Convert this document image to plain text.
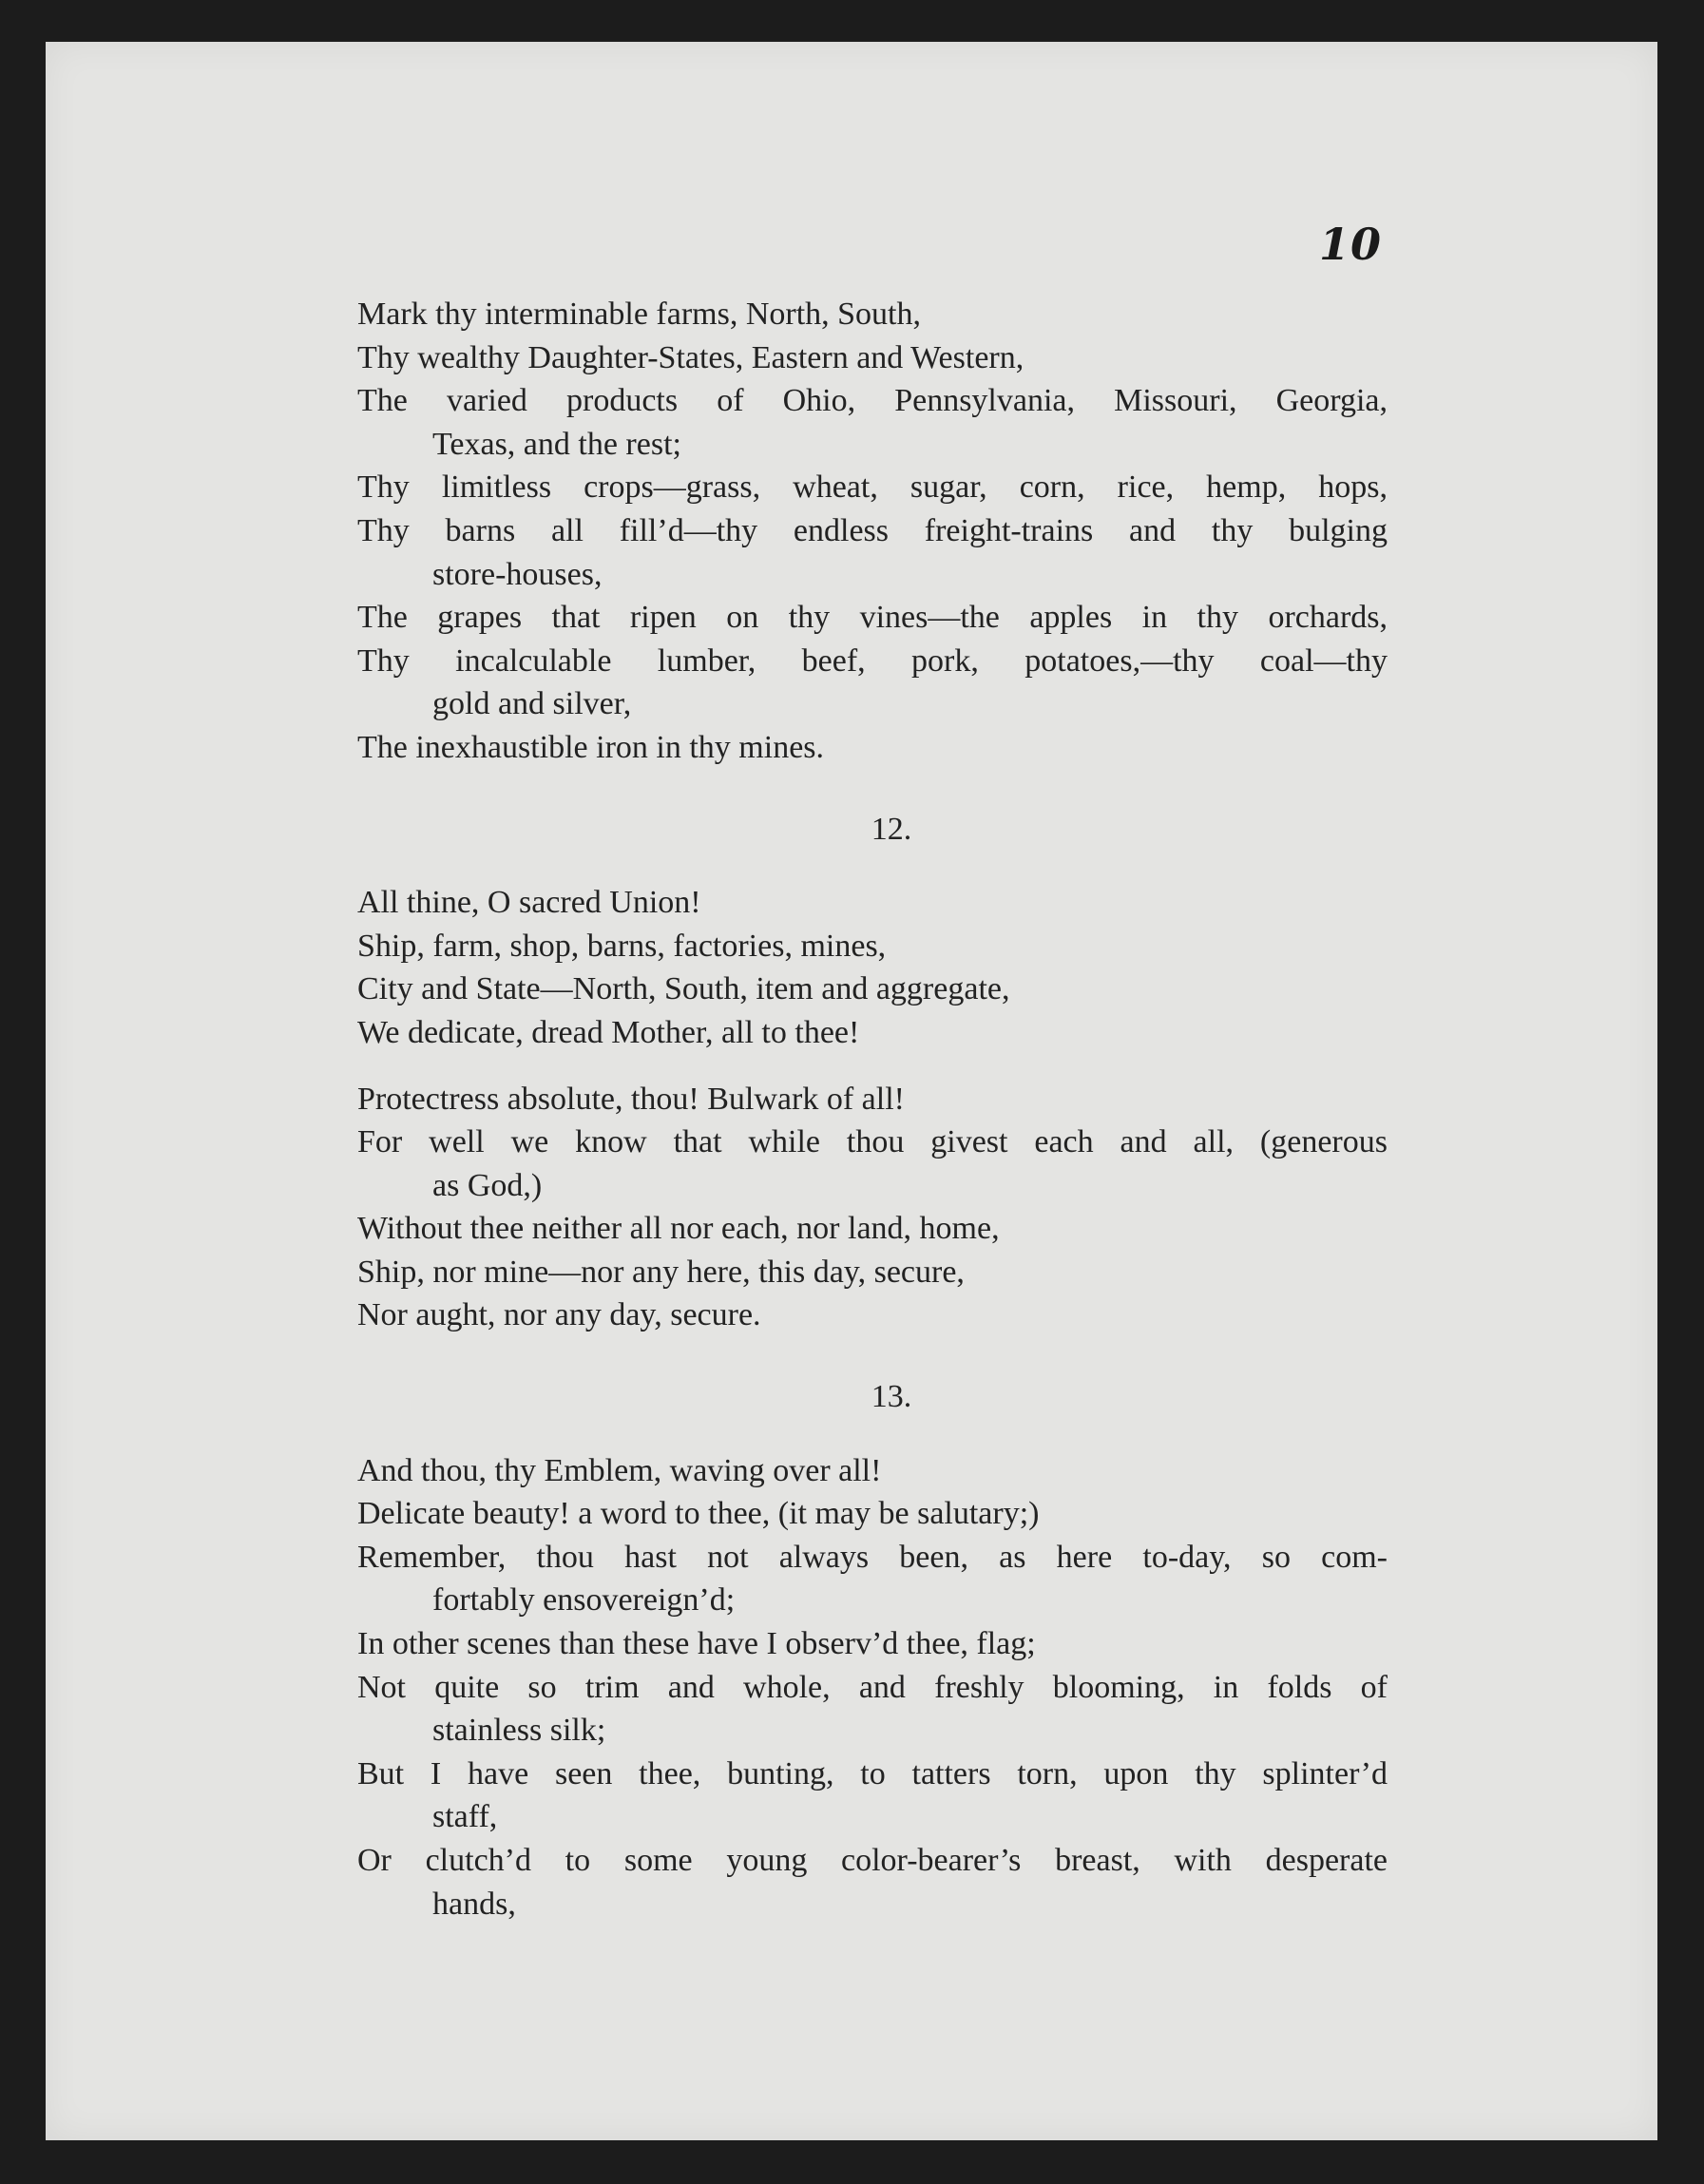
10
Mark thy interminable farms, North, South,
Thy wealthy Daughter-States, Eastern and Western,
The varied products of Ohio, Pennsylvania, Missouri, Georgia,
Texas, and the rest;
Thy limitless crops—grass, wheat, sugar, corn, rice, hemp, hops,
Thy barns all fill’d—thy endless freight-trains and thy bulging
store-houses,
The grapes that ripen on thy vines—the apples in thy orchards,
Thy incalculable lumber, beef, pork, potatoes,—thy coal—thy
gold and silver,
The inexhaustible iron in thy mines.
12.
All thine, O sacred Union!
Ship, farm, shop, barns, factories, mines,
City and State—North, South, item and aggregate,
We dedicate, dread Mother, all to thee!
Protectress absolute, thou! Bulwark of all!
For well we know that while thou givest each and all, (generous
as God,)
Without thee neither all nor each, nor land, home,
Ship, nor mine—nor any here, this day, secure,
Nor aught, nor any day, secure.
13.
And thou, thy Emblem, waving over all!
Delicate beauty! a word to thee, (it may be salutary;)
Remember, thou hast not always been, as here to-day, so com-
fortably ensovereign’d;
In other scenes than these have I observ’d thee, flag;
Not quite so trim and whole, and freshly blooming, in folds of
stainless silk;
But I have seen thee, bunting, to tatters torn, upon thy splinter’d
staff,
Or clutch’d to some young color-bearer’s breast, with desperate
hands,
